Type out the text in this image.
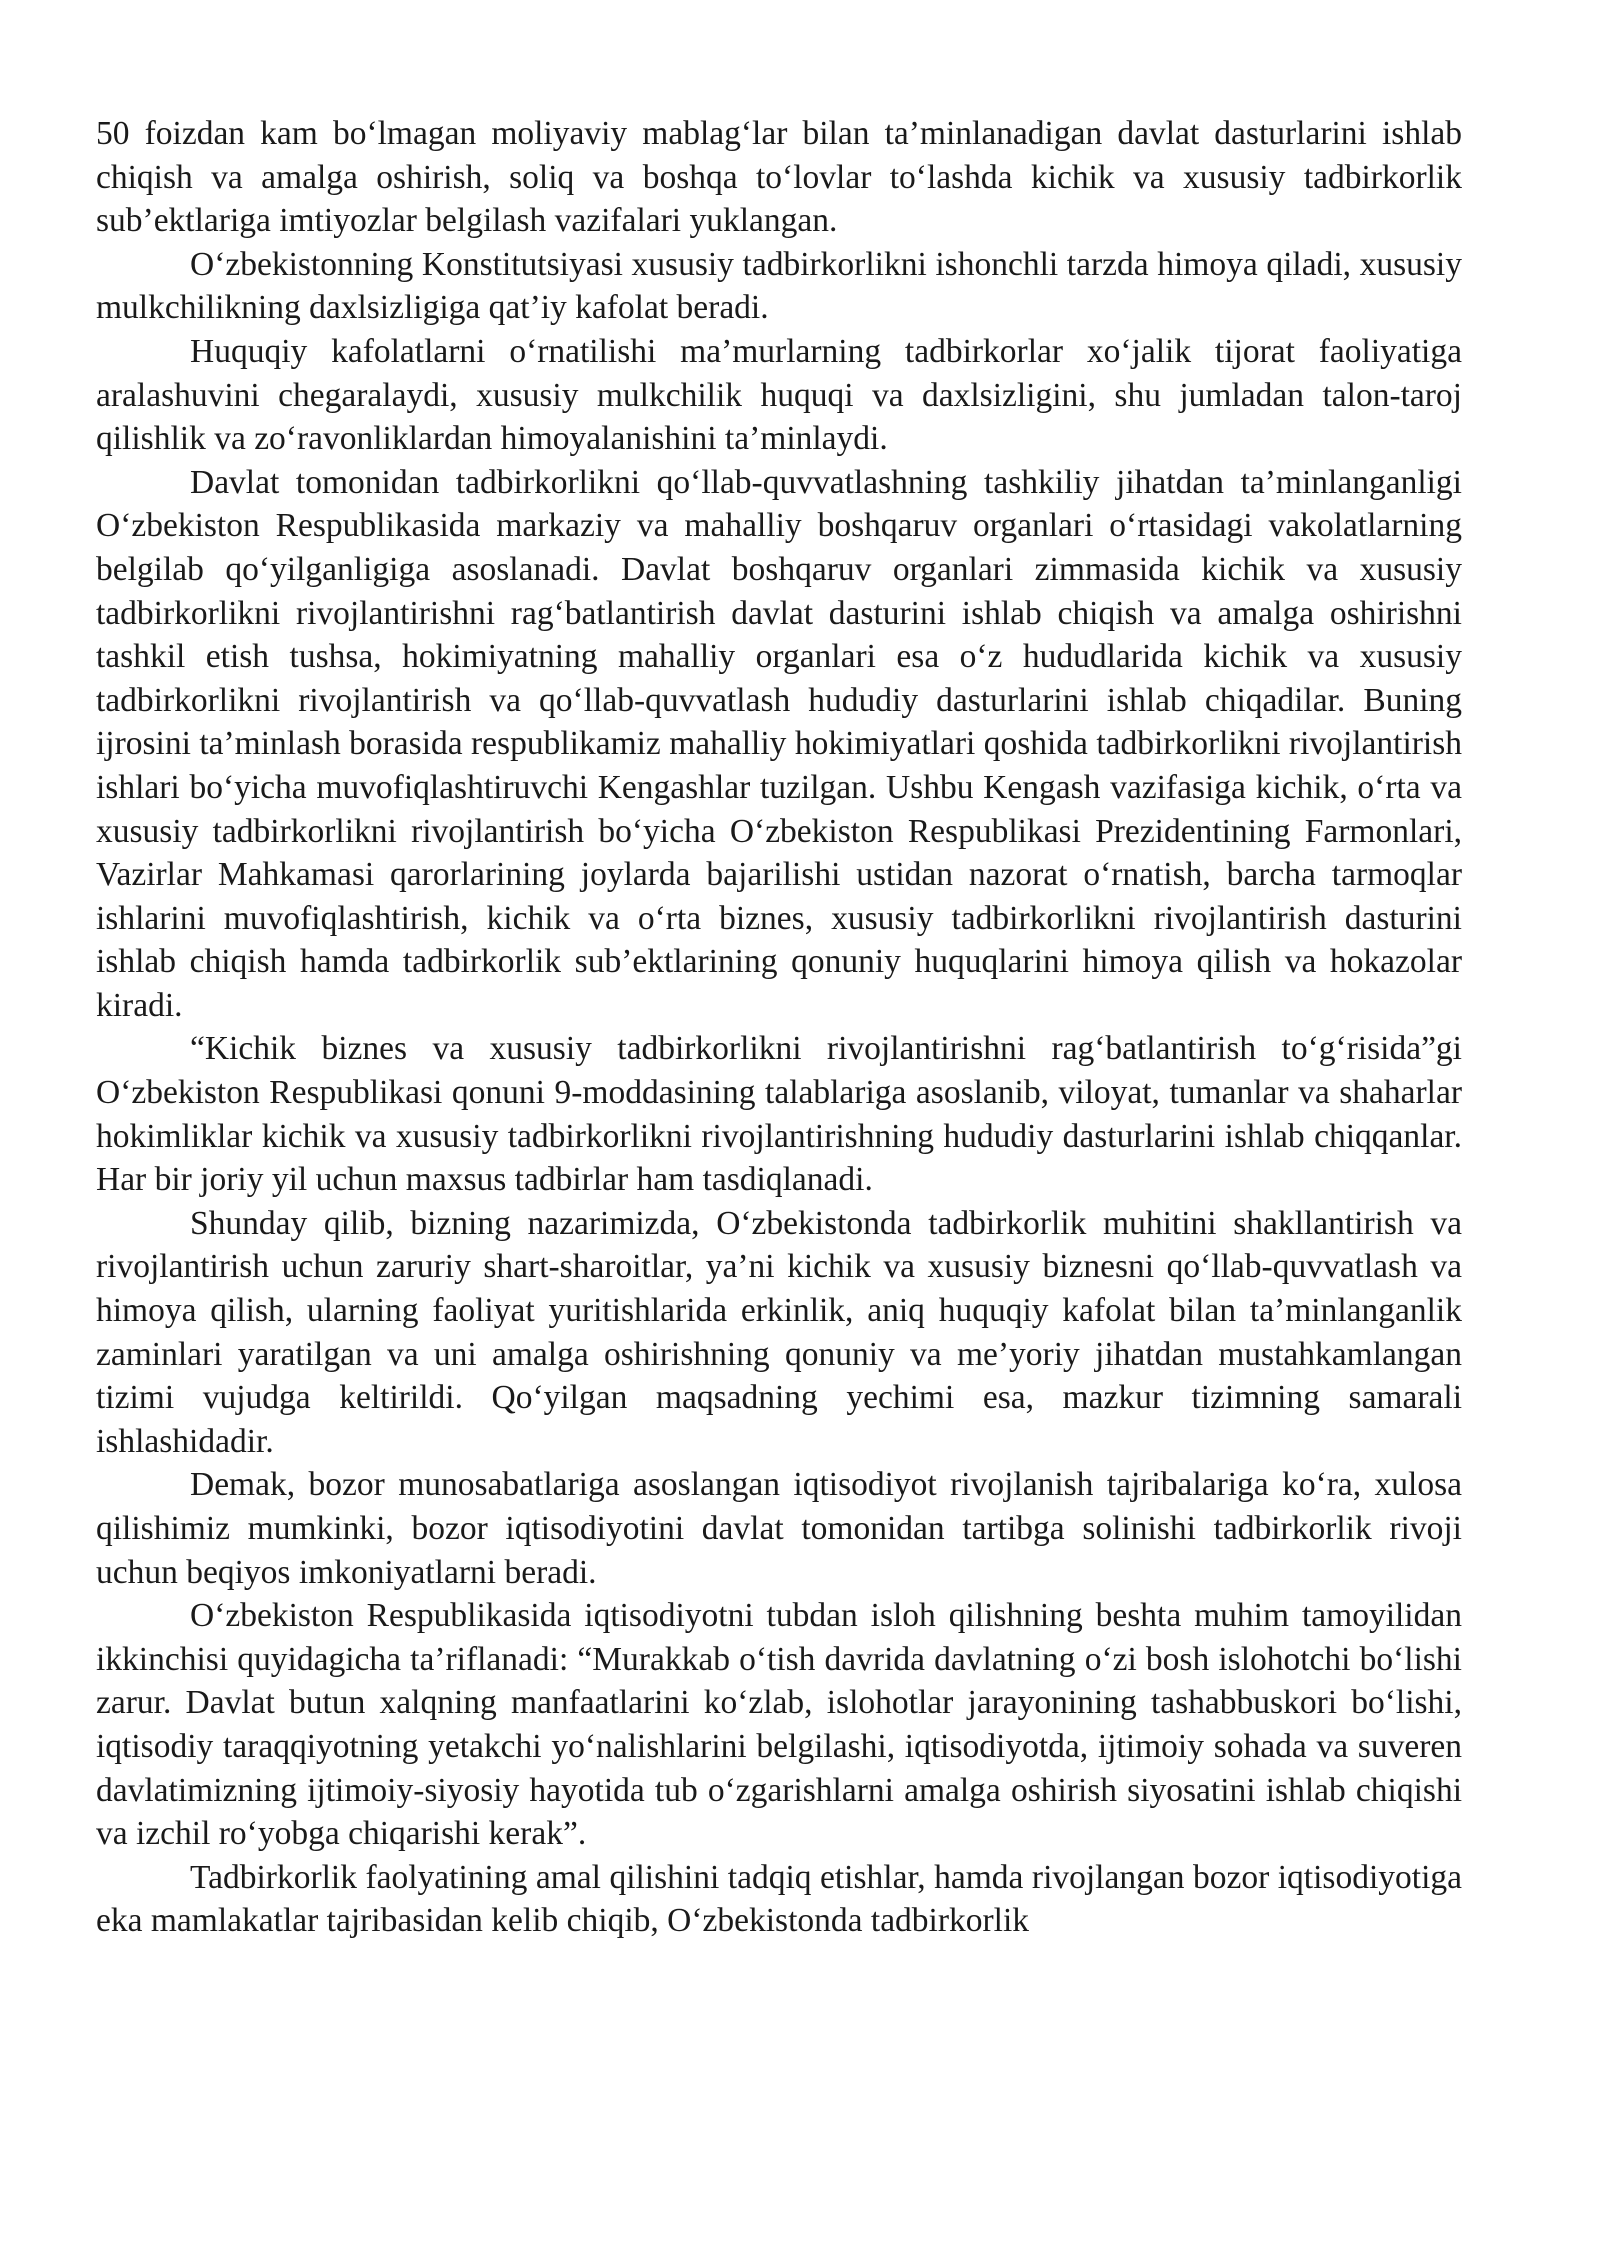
50 foizdan kam bo‘lmagan moliyaviy mablag‘lar bilan ta’minlanadigan davlat dasturlarini ishlab chiqish va amalga oshirish, soliq va boshqa to‘lovlar to‘lashda kichik va xususiy tadbirkorlik sub’ektlariga imtiyozlar belgilash vazifalari yuklangan.

O‘zbekistonning Konstitutsiyasi xususiy tadbirkorlikni ishonchli tarzda himoya qiladi, xususiy mulkchilikning daxlsizligiga qat’iy kafolat beradi.

Huquqiy kafolatlarni o‘rnatilishi ma’murlarning tadbirkorlar xo‘jalik tijorat faoliyatiga aralashuvini chegaralaydi, xususiy mulkchilik huquqi va daxlsizligini, shu jumladan talon-taroj qilishlik va zo‘ravonliklardan himoyalanishini ta’minlaydi.

Davlat tomonidan tadbirkorlikni qo‘llab-quvvatlashning tashkiliy jihatdan ta’minlanganligi O‘zbekiston Respublikasida markaziy va mahalliy boshqaruv organlari o‘rtasidagi vakolatlarning belgilab qo‘yilganligiga asoslanadi. Davlat boshqaruv organlari zimmasida kichik va xususiy tadbirkorlikni rivojlantirishni rag‘batlantirish davlat dasturini ishlab chiqish va amalga oshirishni tashkil etish tushsa, hokimiyatning mahalliy organlari esa o‘z hududlarida kichik va xususiy tadbirkorlikni rivojlantirish va qo‘llab-quvvatlash hududiy dasturlarini ishlab chiqadilar. Buning ijrosini ta’minlash borasida respublikamiz mahalliy hokimiyatlari qoshida tadbirkorlikni rivojlantirish ishlari bo‘yicha muvofiqlashtiruvchi Kengashlar tuzilgan. Ushbu Kengash vazifasiga kichik, o‘rta va xususiy tadbirkorlikni rivojlantirish bo‘yicha O‘zbekiston Respublikasi Prezidentining Farmonlari, Vazirlar Mahkamasi qarorlarining joylarda bajarilishi ustidan nazorat o‘rnatish, barcha tarmoqlar ishlarini muvofiqlashtirish, kichik va o‘rta biznes, xususiy tadbirkorlikni rivojlantirish dasturini ishlab chiqish hamda tadbirkorlik sub’ektlarining qonuniy huquqlarini himoya qilish va hokazolar kiradi.

“Kichik biznes va xususiy tadbirkorlikni rivojlantirishni rag‘batlantirish to‘g‘risida”gi O‘zbekiston Respublikasi qonuni 9-moddasining talablariga asoslanib, viloyat, tumanlar va shaharlar hokimliklar kichik va xususiy tadbirkorlikni rivojlantirishning hududiy dasturlarini ishlab chiqqanlar. Har bir joriy yil uchun maxsus tadbirlar ham tasdiqlanadi.

Shunday qilib, bizning nazarimizda, O‘zbekistonda tadbirkorlik muhitini shakllantirish va rivojlantirish uchun zaruriy shart-sharoitlar, ya’ni kichik va xususiy biznesni qo‘llab-quvvatlash va himoya qilish, ularning faoliyat yuritishlarida erkinlik, aniq huquqiy kafolat bilan ta’minlanganlik zaminlari yaratilgan va uni amalga oshirishning qonuniy va me’yoriy jihatdan mustahkamlangan tizimi vujudga keltirildi. Qo‘yilgan maqsadning yechimi esa, mazkur tizimning samarali ishlashidadir.

Demak, bozor munosabatlariga asoslangan iqtisodiyot rivojlanish tajribalariga ko‘ra, xulosa qilishimiz mumkinki, bozor iqtisodiyotini davlat tomonidan tartibga solinishi tadbirkorlik rivoji uchun beqiyos imkoniyatlarni beradi.

O‘zbekiston Respublikasida iqtisodiyotni tubdan isloh qilishning beshta muhim tamoyilidan ikkinchisi quyidagicha ta’riflanadi: “Murakkab o‘tish davrida davlatning o‘zi bosh islohotchi bo‘lishi zarur. Davlat butun xalqning manfaatlarini ko‘zlab, islohotlar jarayonining tashabbuskori bo‘lishi, iqtisodiy taraqqiyotning yetakchi yo‘nalishlarini belgilashi, iqtisodiyotda, ijtimoiy sohada va suveren davlatimizning ijtimoiy-siyosiy hayotida tub o‘zgarishlarni amalga oshirish siyosatini ishlab chiqishi va izchil ro‘yobga chiqarishi kerak”.

Tadbirkorlik faolyatining amal qilishini tadqiq etishlar, hamda rivojlangan bozor iqtisodiyotiga eka mamlakatlar tajribasidan kelib chiqib, O‘zbekistonda tadbirkorlik
